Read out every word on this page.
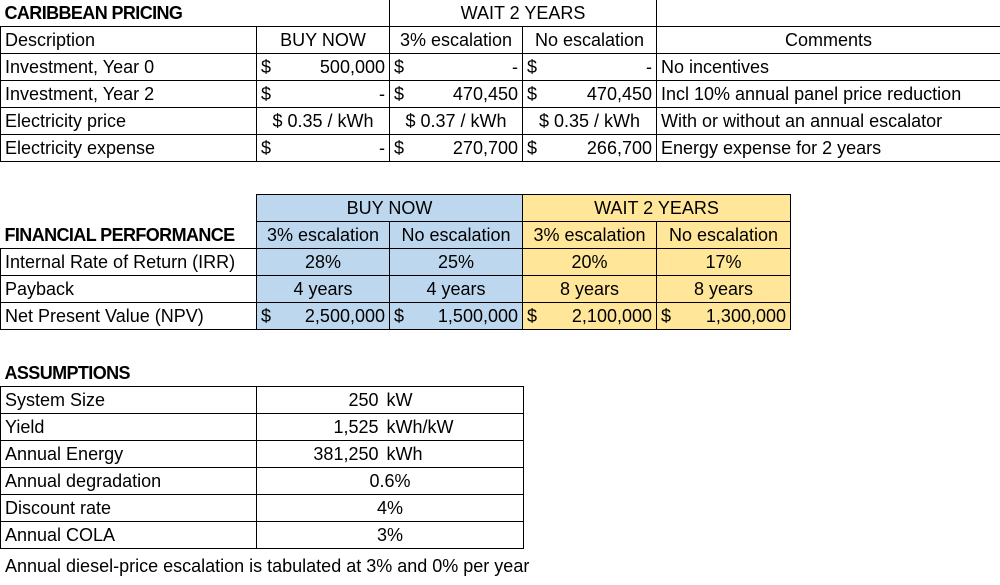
CARIBBEAN PRICING		WAIT 2 YEARS		
Description	BUY NOW	3% escalation	No escalation	Comments
Investment, Year 0	$ 500,000	$ -	$ -	No incentives
Investment, Year 2	$ -	$ 470,450	$ 470,450	Incl 10% annual panel price reduction
Electricity price	$ 0.35 / kWh	$ 0.37 / kWh	$ 0.35 / kWh	With or without an annual escalator
Electricity expense	$ -	$ 270,700	$ 266,700	Energy expense for 2 years
	BUY NOW		WAIT 2 YEARS	
FINANCIAL PERFORMANCE	3% escalation	No escalation	3% escalation	No escalation
Internal Rate of Return (IRR)	28%	25%	20%	17%
Payback	4 years	4 years	8 years	8 years
Net Present Value (NPV)	$ 2,500,000	$ 1,500,000	$ 2,100,000	$ 1,300,000
ASSUMPTIONS		
System Size	250	kW
Yield	1,525	kWh/kW
Annual Energy	381,250	kWh
Annual degradation	0.6%	
Discount rate	4%	
Annual COLA	3%	
Annual diesel-price escalation is tabulated at 3% and 0% per year
